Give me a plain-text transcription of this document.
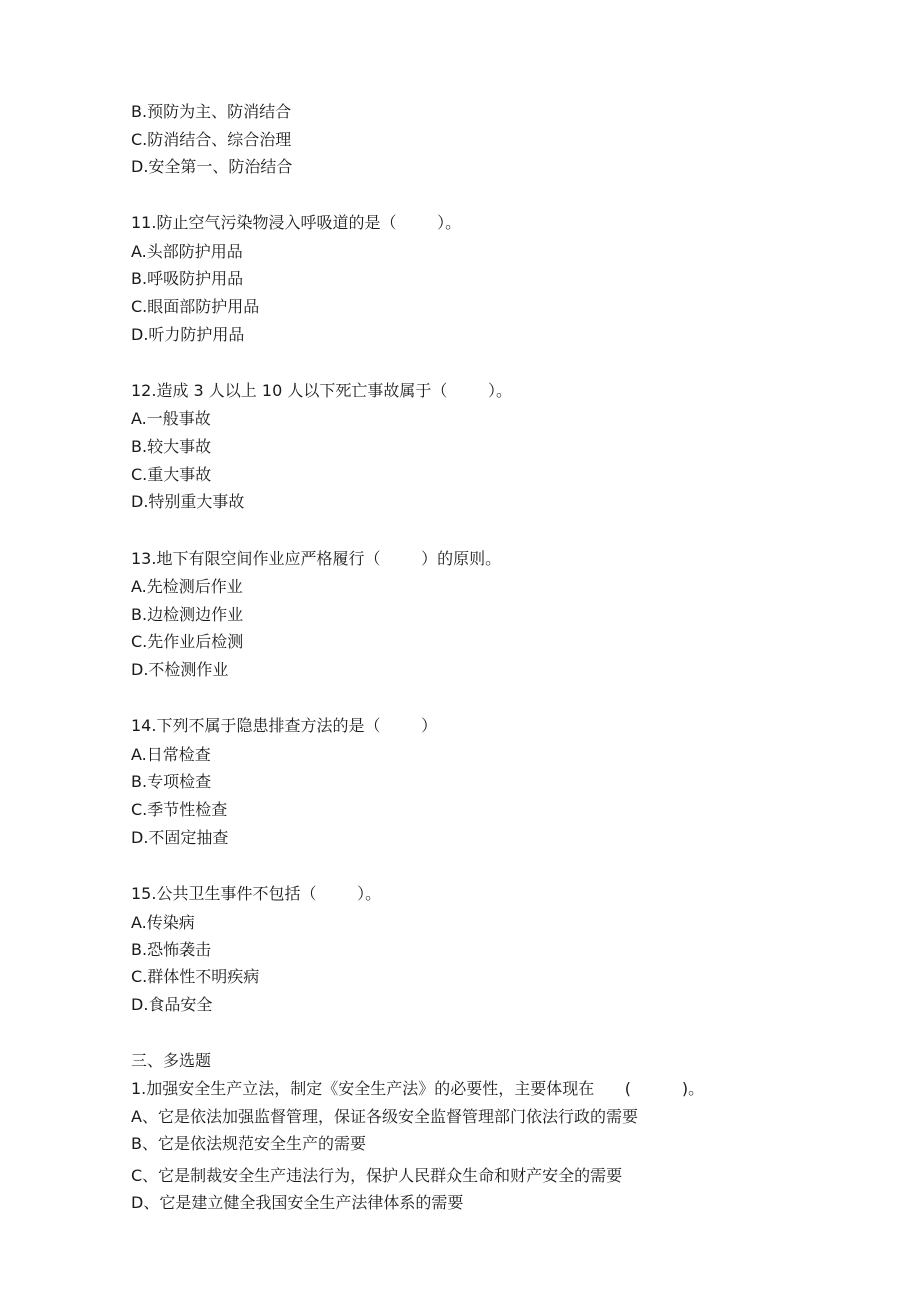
B.预防为主、防消结合
C.防消结合、综合治理
D.安全第一、防治结合
11.防止空气污染物浸入呼吸道的是（        ）。
A.头部防护用品
B.呼吸防护用品
C.眼面部防护用品
D.听力防护用品
12.造成 3 人以上 10 人以下死亡事故属于（        ）。
A.一般事故
B.较大事故
C.重大事故
D.特别重大事故
13.地下有限空间作业应严格履行（        ）的原则。
A.先检测后作业
B.边检测边作业
C.先作业后检测
D.不检测作业
14.下列不属于隐患排查方法的是（        ）
A.日常检查
B.专项检查
C.季节性检查
D.不固定抽查
15.公共卫生事件不包括（        ）。
A.传染病
B.恐怖袭击
C.群体性不明疾病
D.食品安全
三、多选题
1.加强安全生产立法，制定《安全生产法》的必要性，主要体现在      (          )。
A、它是依法加强监督管理，保证各级安全监督管理部门依法行政的需要
B、它是依法规范安全生产的需要
C、它是制裁安全生产违法行为，保护人民群众生命和财产安全的需要
D、它是建立健全我国安全生产法律体系的需要
